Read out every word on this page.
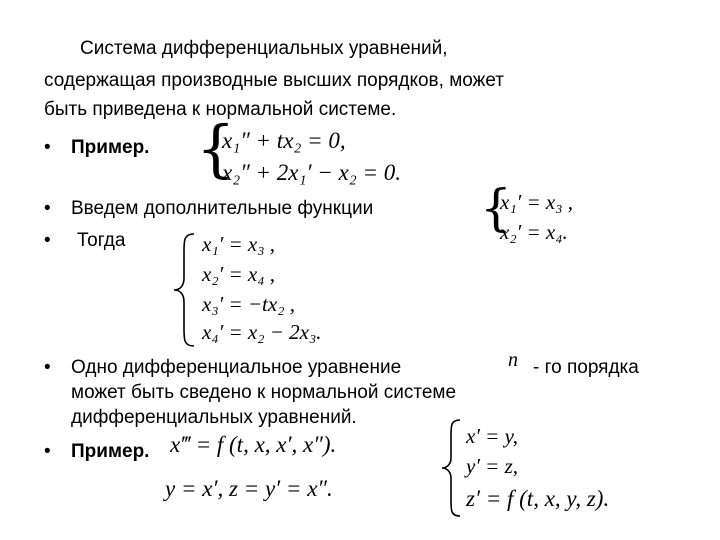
Система дифференциальных уравнений,
содержащая производные высших порядков, может
быть приведена к нормальной системе.
• Пример. {
x₁″ + tx₂ = 0,
x₂″ + 2x₁′ − x₂ = 0.
• Введем дополнительные функции {
x₁′ = x₃ ,
x₂′ = x₄.
• Тогда	x₁′ = x₃ ,
x₂′ = x₄ ,
x₃′ = −tx₂ ,
x₄′ = x₂ − 2x₃.
• Одно дифференциальное уравнение	n - го порядка
может быть сведено к нормальной системе
дифференциальных уравнений.
• Пример. x‴ = f (t, x, x′, x″).
y = x′, z = y′ = x″.
x′ = y,
y′ = z,
z′ = f (t, x, y, z).
